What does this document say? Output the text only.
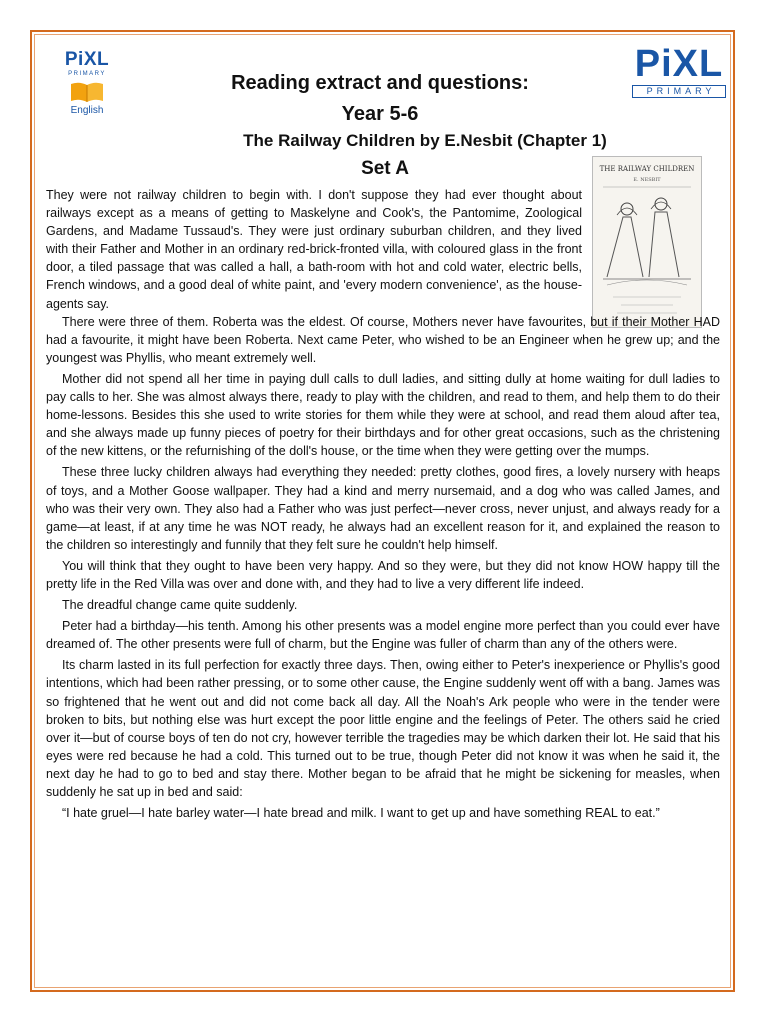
PiXL
PRIMARY
English
PiXL
PRIMARY
Reading extract and questions:
Year 5-6
The Railway Children by E.Nesbit (Chapter 1)
Set A	THE RAILWAY CHILDREN
E. NESBIT

They were not railway children to begin with. I don't suppose they had ever thought about railways except as a means of getting to Maskelyne and Cook's, the Pantomime, Zoological Gardens, and Madame Tussaud's. They were just ordinary suburban children, and they lived with their Father and Mother in an ordinary red-brick-fronted villa, with coloured glass in the front door, a tiled passage that was called a hall, a bath-room with hot and cold water, electric bells, French windows, and a good deal of white paint, and 'every modern convenience', as the house-agents say.

There were three of them. Roberta was the eldest. Of course, Mothers never have favourites, but if their Mother HAD had a favourite, it might have been Roberta. Next came Peter, who wished to be an Engineer when he grew up; and the youngest was Phyllis, who meant extremely well.

Mother did not spend all her time in paying dull calls to dull ladies, and sitting dully at home waiting for dull ladies to pay calls to her. She was almost always there, ready to play with the children, and read to them, and help them to do their home-lessons. Besides this she used to write stories for them while they were at school, and read them aloud after tea, and she always made up funny pieces of poetry for their birthdays and for other great occasions, such as the christening of the new kittens, or the refurnishing of the doll's house, or the time when they were getting over the mumps.

These three lucky children always had everything they needed: pretty clothes, good fires, a lovely nursery with heaps of toys, and a Mother Goose wallpaper. They had a kind and merry nursemaid, and a dog who was called James, and who was their very own. They also had a Father who was just perfect—never cross, never unjust, and always ready for a game—at least, if at any time he was NOT ready, he always had an excellent reason for it, and explained the reason to the children so interestingly and funnily that they felt sure he couldn't help himself.

You will think that they ought to have been very happy. And so they were, but they did not know HOW happy till the pretty life in the Red Villa was over and done with, and they had to live a very different life indeed.

The dreadful change came quite suddenly.

Peter had a birthday—his tenth. Among his other presents was a model engine more perfect than you could ever have dreamed of. The other presents were full of charm, but the Engine was fuller of charm than any of the others were.

Its charm lasted in its full perfection for exactly three days. Then, owing either to Peter's inexperience or Phyllis's good intentions, which had been rather pressing, or to some other cause, the Engine suddenly went off with a bang. James was so frightened that he went out and did not come back all day. All the Noah's Ark people who were in the tender were broken to bits, but nothing else was hurt except the poor little engine and the feelings of Peter. The others said he cried over it—but of course boys of ten do not cry, however terrible the tragedies may be which darken their lot. He said that his eyes were red because he had a cold. This turned out to be true, though Peter did not know it was when he said it, the next day he had to go to bed and stay there. Mother began to be afraid that he might be sickening for measles, when suddenly he sat up in bed and said:

“I hate gruel—I hate barley water—I hate bread and milk. I want to get up and have something REAL to eat.”
